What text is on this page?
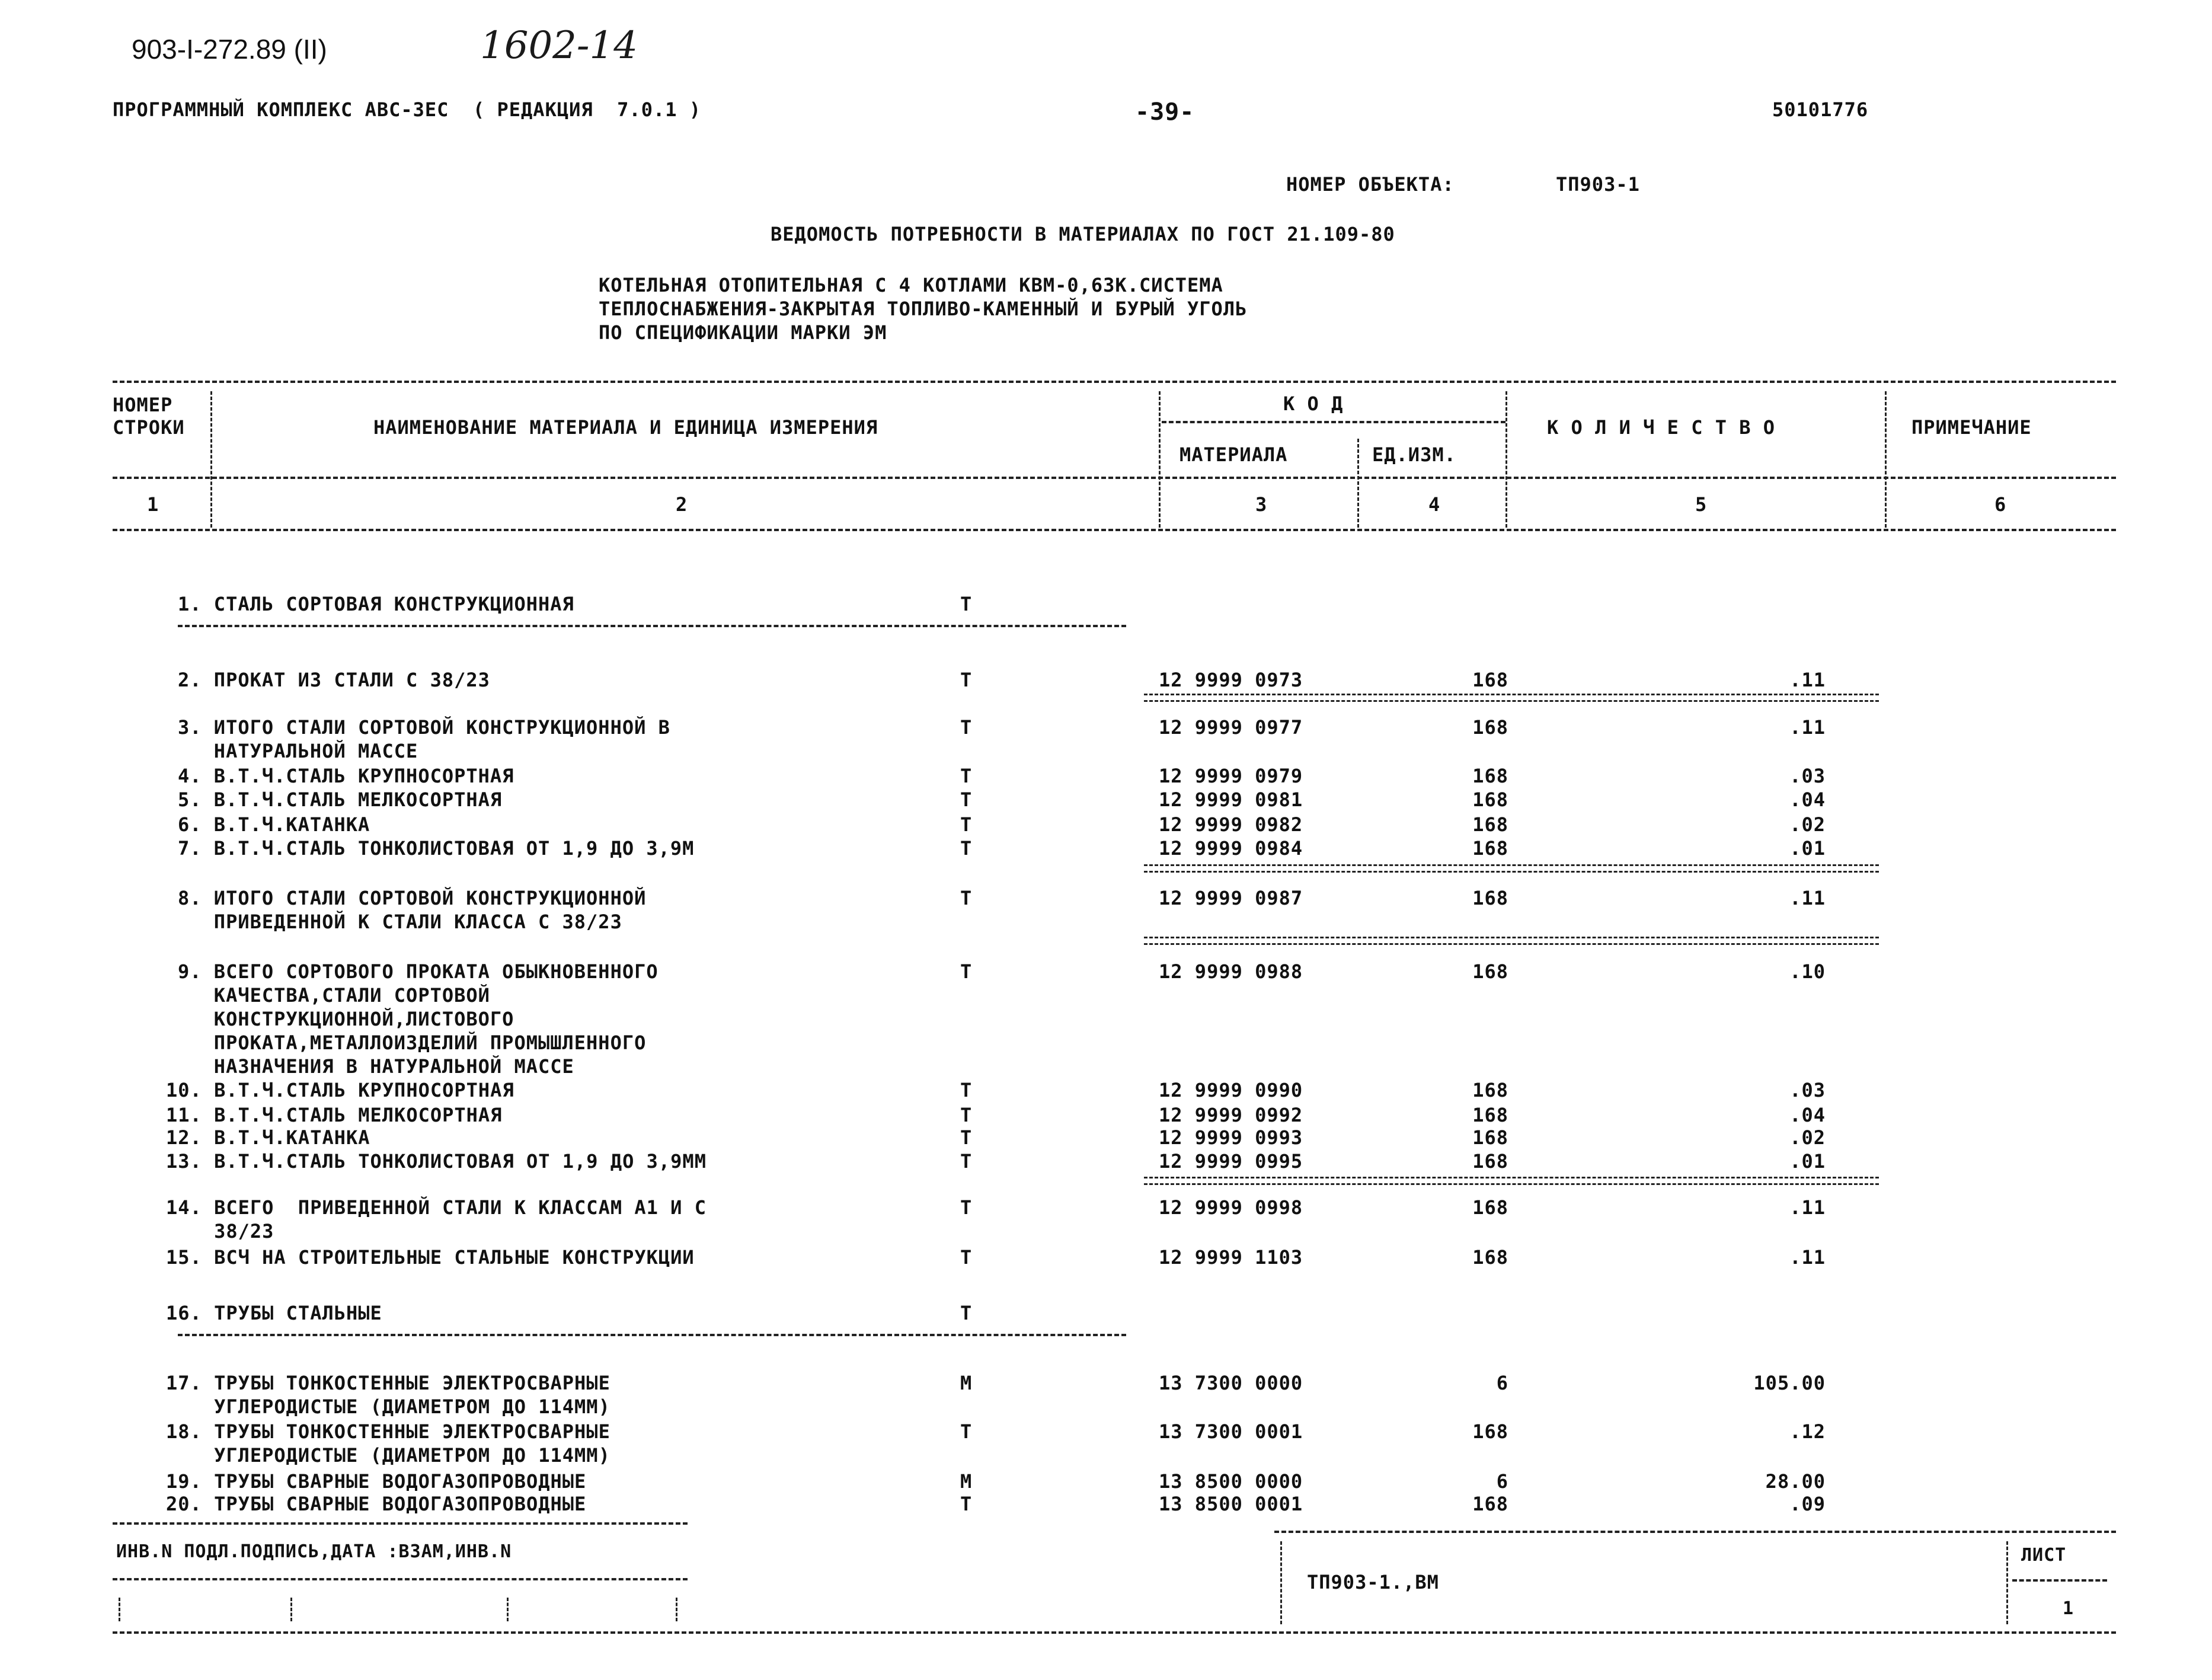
903-I-272.89 (II)	1602-14
ПРОГРАММНЫЙ КОМПЛЕКС АВС-3ЕС  ( РЕДАКЦИЯ  7.0.1 )	-39-	50101776
НОМЕР ОБЪЕКТА:	ТП903-1
ВЕДОМОСТЬ ПОТРЕБНОСТИ В МАТЕРИАЛАХ ПО ГОСТ 21.109-80
КОТЕЛЬНАЯ ОТОПИТЕЛЬНАЯ С 4 КОТЛАМИ КВМ-0,63К.СИСТЕМА
ТЕПЛОСНАБЖЕНИЯ-ЗАКРЫТАЯ ТОПЛИВО-КАМЕННЫЙ И БУРЫЙ УГОЛЬ
ПО СПЕЦИФИКАЦИИ МАРКИ ЭМ
НОМЕР
СТРОКИ	НАИМЕНОВАНИЕ МАТЕРИАЛА И ЕДИНИЦА ИЗМЕРЕНИЯ
К О Д
МАТЕРИАЛА	ЕД.ИЗМ.
К О Л И Ч Е С Т В О	ПРИМЕЧАНИЕ
1	2	3	4	5	6
1. СТАЛЬ СОРТОВАЯ КОНСТРУКЦИОННАЯ	Т
2. ПРОКАТ ИЗ СТАЛИ С 38/23	Т	12 9999 0973	168	.11
3. ИТОГО СТАЛИ СОРТОВОЙ КОНСТРУКЦИОННОЙ В
НАТУРАЛЬНОЙ МАССЕ
Т	12 9999 0977	168	.11
4. В.Т.Ч.СТАЛЬ КРУПНОСОРТНАЯ	Т	12 9999 0979	168	.03
5. В.Т.Ч.СТАЛЬ МЕЛКОСОРТНАЯ	Т	12 9999 0981	168	.04
6. В.Т.Ч.КАТАНКА	Т	12 9999 0982	168	.02
7. В.Т.Ч.СТАЛЬ ТОНКОЛИСТОВАЯ ОТ 1,9 ДО 3,9М	Т	12 9999 0984	168	.01
8. ИТОГО СТАЛИ СОРТОВОЙ КОНСТРУКЦИОННОЙ
ПРИВЕДЕННОЙ К СТАЛИ КЛАССА С 38/23
Т	12 9999 0987	168	.11
9. ВСЕГО СОРТОВОГО ПРОКАТА ОБЫКНОВЕННОГО
КАЧЕСТВА,СТАЛИ СОРТОВОЙ
КОНСТРУКЦИОННОЙ,ЛИСТОВОГО
ПРОКАТА,МЕТАЛЛОИЗДЕЛИЙ ПРОМЫШЛЕННОГО
НАЗНАЧЕНИЯ В НАТУРАЛЬНОЙ МАССЕ
Т	12 9999 0988	168	.10
10. В.Т.Ч.СТАЛЬ КРУПНОСОРТНАЯ	Т	12 9999 0990	168	.03
11. В.Т.Ч.СТАЛЬ МЕЛКОСОРТНАЯ	Т	12 9999 0992	168	.04
12. В.Т.Ч.КАТАНКА	Т	12 9999 0993	168	.02
13. В.Т.Ч.СТАЛЬ ТОНКОЛИСТОВАЯ ОТ 1,9 ДО 3,9ММ	Т	12 9999 0995	168	.01
14. ВСЕГО  ПРИВЕДЕННОЙ СТАЛИ К КЛАССАМ А1 И С
38/23
Т	12 9999 0998	168	.11
15. ВСЧ НА СТРОИТЕЛЬНЫЕ СТАЛЬНЫЕ КОНСТРУКЦИИ	Т	12 9999 1103	168	.11
16. ТРУБЫ СТАЛЬНЫЕ	Т
17. ТРУБЫ ТОНКОСТЕННЫЕ ЭЛЕКТРОСВАРНЫЕ
УГЛЕРОДИСТЫЕ (ДИАМЕТРОМ ДО 114ММ)
М	13 7300 0000	6	105.00
18. ТРУБЫ ТОНКОСТЕННЫЕ ЭЛЕКТРОСВАРНЫЕ
УГЛЕРОДИСТЫЕ (ДИАМЕТРОМ ДО 114ММ)
Т	13 7300 0001	168	.12
19. ТРУБЫ СВАРНЫЕ ВОДОГАЗОПРОВОДНЫЕ	М	13 8500 0000	6	28.00
20. ТРУБЫ СВАРНЫЕ ВОДОГАЗОПРОВОДНЫЕ	Т	13 8500 0001	168	.09
ИНВ.N ПОДЛ.ПОДПИСЬ,ДАТА :ВЗАМ,ИНВ.N
ТП903-1.,ВМ
ЛИСТ
1
